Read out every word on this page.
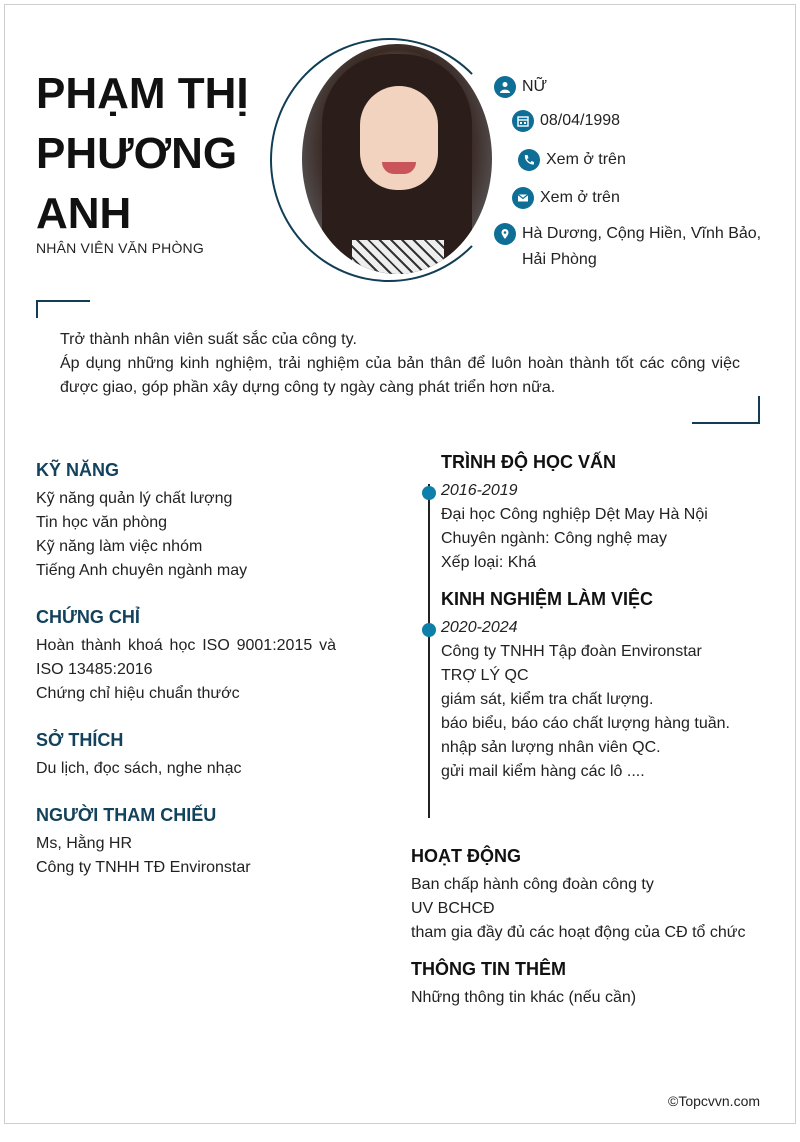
PHẠM THỊ
PHƯƠNG
ANH
NHÂN VIÊN VĂN PHÒNG
NỮ
08/04/1998
Xem ở trên
Xem ở trên
Hà Dương, Cộng Hiền, Vĩnh Bảo, Hải Phòng
Trở thành nhân viên suất sắc của công ty.
Áp dụng những kinh nghiệm, trải nghiệm của bản thân để luôn hoàn thành tốt các công việc được giao, góp phần xây dựng công ty ngày càng phát triển hơn nữa.
KỸ NĂNG
Kỹ năng quản lý chất lượng
Tin học văn phòng
Kỹ năng làm việc nhóm
Tiếng Anh chuyên ngành may
CHỨNG CHỈ
Hoàn thành khoá học ISO 9001:2015 và ISO 13485:2016
Chứng chỉ hiệu chuẩn thước
SỞ THÍCH
Du lịch, đọc sách, nghe nhạc
NGƯỜI THAM CHIẾU
Ms, Hằng HR
Công ty TNHH TĐ Environstar
TRÌNH ĐỘ HỌC VẤN
2016-2019
Đại học Công nghiệp Dệt May Hà Nội
Chuyên ngành: Công nghệ may
Xếp loại: Khá
KINH NGHIỆM LÀM VIỆC
2020-2024
Công ty TNHH Tập đoàn Environstar
TRỢ LÝ QC
giám sát, kiểm tra chất lượng.
báo biểu, báo cáo chất lượng hàng tuần.
nhập sản lượng nhân viên QC.
gửi mail kiểm hàng các lô ....
HOẠT ĐỘNG
Ban chấp hành công đoàn công ty
UV BCHCĐ
tham gia đầy đủ các hoạt động của CĐ tổ chức
THÔNG TIN THÊM
Những thông tin khác (nếu cần)
©Topcvvn.com
